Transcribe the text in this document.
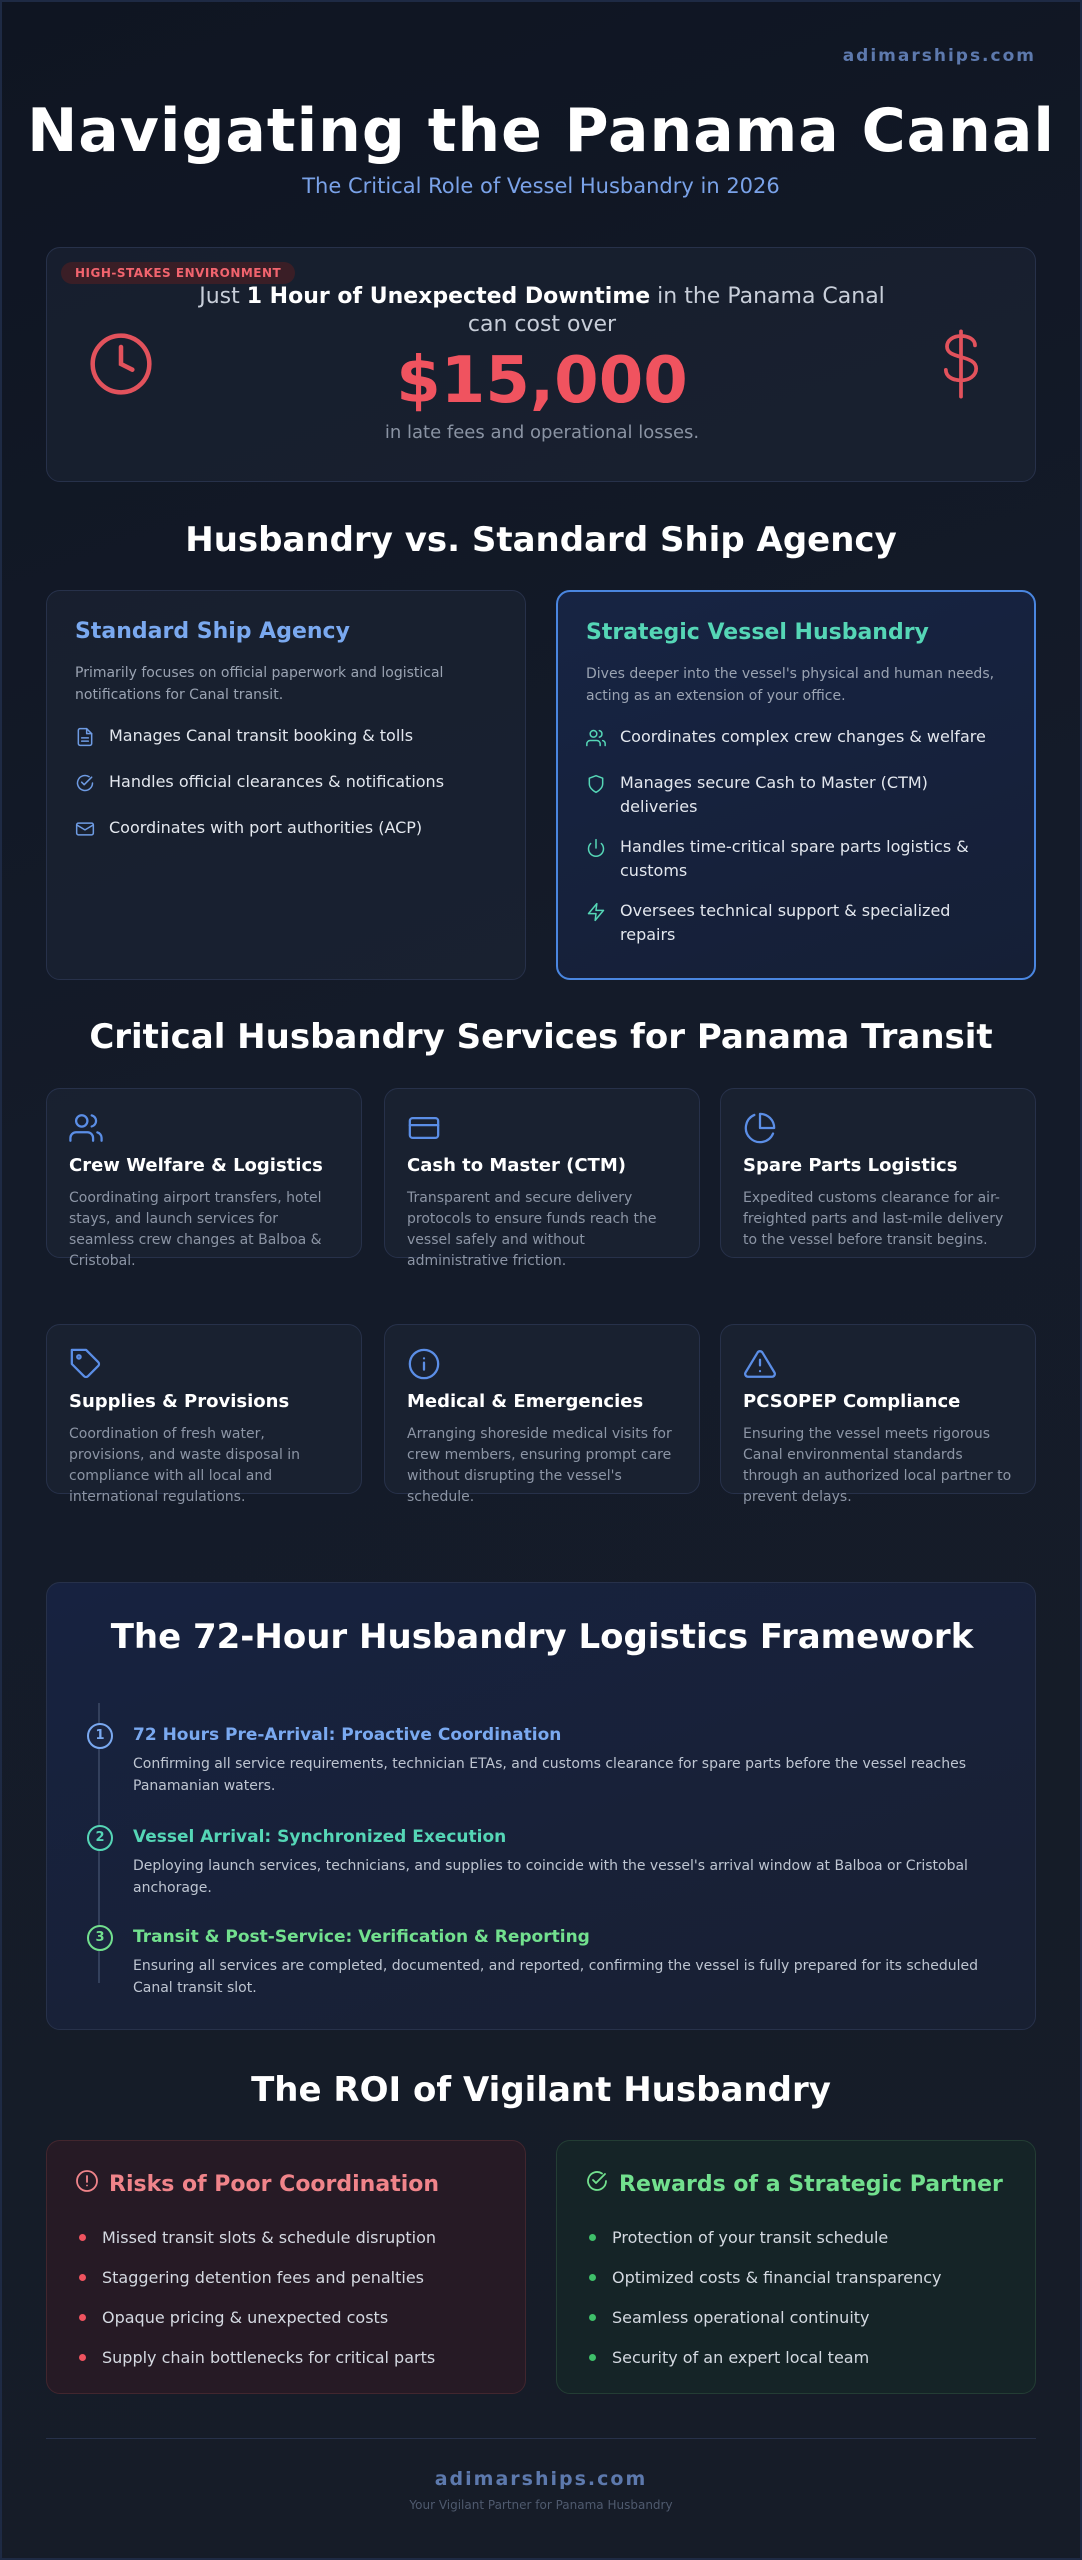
adimarships.com
Navigating the Panama Canal
The Critical Role of Vessel Husbandry in 2026
HIGH-STAKES ENVIRONMENT
Just 1 Hour of Unexpected Downtime in the Panama Canal
can cost over
$15,000
in late fees and operational losses.
Husbandry vs. Standard Ship Agency
Standard Ship Agency

Primarily focuses on official paperwork and logistical notifications for Canal transit.

Manages Canal transit booking & tolls
Handles official clearances & notifications
Coordinates with port authorities (ACP)
Strategic Vessel Husbandry

Dives deeper into the vessel's physical and human needs, acting as an extension of your office.

Coordinates complex crew changes & welfare
Manages secure Cash to Master (CTM) deliveries
Handles time-critical spare parts logistics & customs
Oversees technical support & specialized repairs
Critical Husbandry Services for Panama Transit
Crew Welfare & Logistics

Coordinating airport transfers, hotel stays, and launch services for seamless crew changes at Balboa & Cristobal.

Cash to Master (CTM)

Transparent and secure delivery protocols to ensure funds reach the vessel safely and without administrative friction.

Spare Parts Logistics

Expedited customs clearance for air-freighted parts and last-mile delivery to the vessel before transit begins.

Supplies & Provisions

Coordination of fresh water, provisions, and waste disposal in compliance with all local and international regulations.

Medical & Emergencies

Arranging shoreside medical visits for crew members, ensuring prompt care without disrupting the vessel's schedule.

PCSOPEP Compliance

Ensuring the vessel meets rigorous Canal environmental standards through an authorized local partner to prevent delays.

The 72-Hour Husbandry Logistics Framework
1	72 Hours Pre-Arrival: Proactive Coordination
Confirming all service requirements, technician ETAs, and customs clearance for spare parts before the vessel reaches Panamanian waters.
2	Vessel Arrival: Synchronized Execution
Deploying launch services, technicians, and supplies to coincide with the vessel's arrival window at Balboa or Cristobal anchorage.
3	Transit & Post-Service: Verification & Reporting
Ensuring all services are completed, documented, and reported, confirming the vessel is fully prepared for its scheduled Canal transit slot.
The ROI of Vigilant Husbandry
Risks of Poor Coordination
Missed transit slots & schedule disruption
Staggering detention fees and penalties
Opaque pricing & unexpected costs
Supply chain bottlenecks for critical parts
Rewards of a Strategic Partner
Protection of your transit schedule
Optimized costs & financial transparency
Seamless operational continuity
Security of an expert local team
adimarships.com
Your Vigilant Partner for Panama Husbandry
